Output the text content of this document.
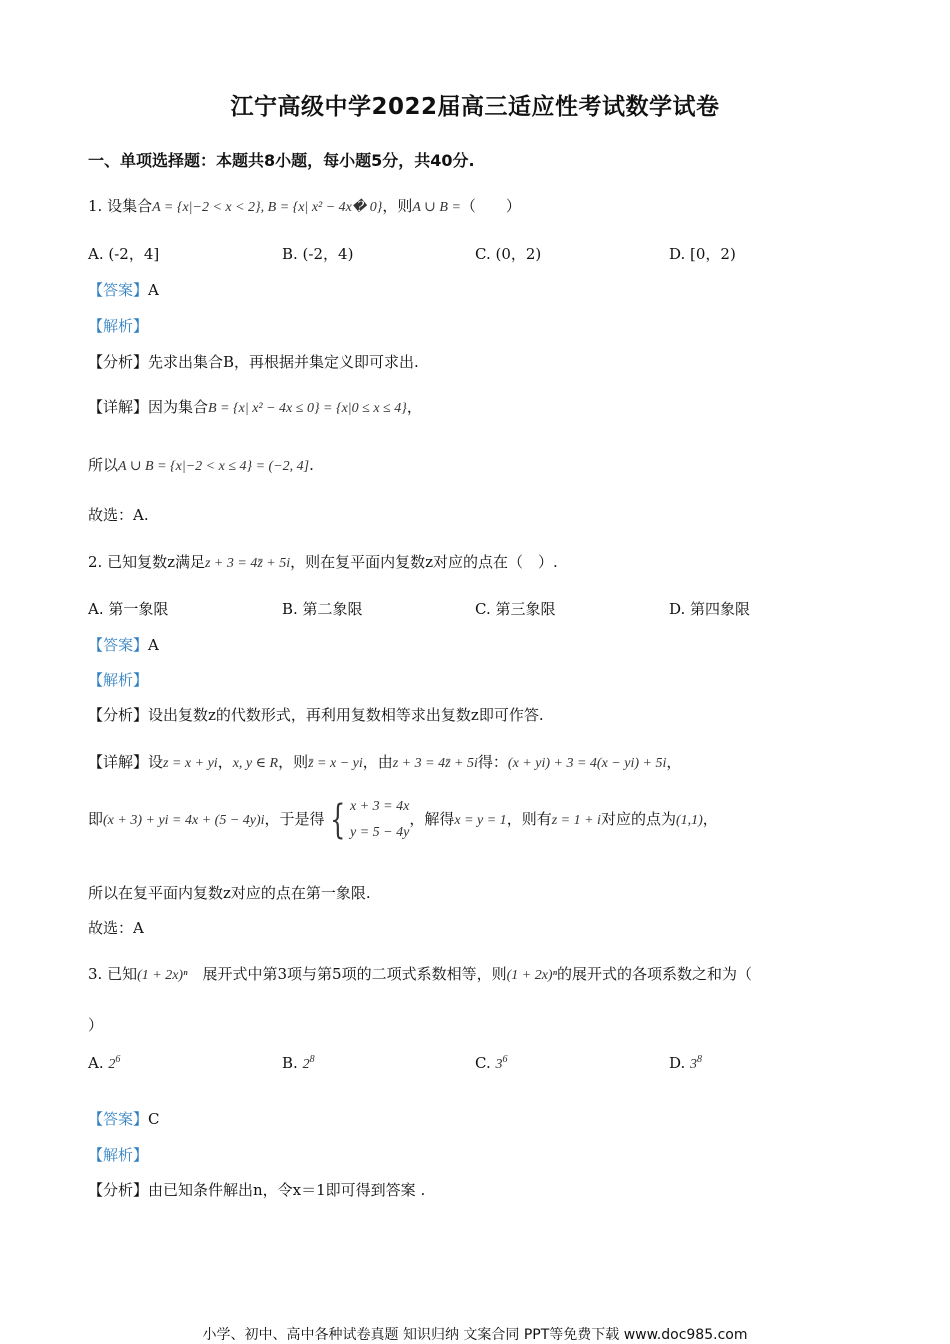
江宁高级中学2022届高三适应性考试数学试卷
一、单项选择题：本题共8小题，每小题5分，共40分.
1. 设集合A = {x|−2 < x < 2}, B = {x| x² − 4x� 0}，则A ∪ B =（　　）
A. (-2，4]	B. (-2，4)	C. (0，2)	D. [0，2)
【答案】A
【解析】
【分析】先求出集合B，再根据并集定义即可求出.
【详解】因为集合B = {x| x² − 4x ≤ 0} = {x|0 ≤ x ≤ 4}，
所以A ∪ B = {x|−2 < x ≤ 4} = (−2, 4].
故选：A.
2. 已知复数z满足z + 3 = 4z̄ + 5i，则在复平面内复数z对应的点在（　）.
A. 第一象限	B. 第二象限	C. 第三象限	D. 第四象限
【答案】A
【解析】
【分析】设出复数z的代数形式，再利用复数相等求出复数z即可作答.
【详解】设z = x + yi，x, y ∈ R，则z̄ = x − yi，由z + 3 = 4z̄ + 5i得：(x + yi) + 3 = 4(x − yi) + 5i，
即(x + 3) + yi = 4x + (5 − 4y)i，于是得 { x + 3 = 4x
y = 5 − 4y
，解得x = y = 1，则有z = 1 + i对应的点为(1,1)，
所以在复平面内复数z对应的点在第一象限.
故选：A
3. 已知(1 + 2x)ⁿ　展开式中第3项与第5项的二项式系数相等，则(1 + 2x)ⁿ的展开式的各项系数之和为（
）
A. $2^6$	B. $2^8$	C. $3^6$	D. $3^8$
【答案】C
【解析】
【分析】由已知条件解出n，令x＝1即可得到答案 .
小学、初中、高中各种试卷真题 知识归纳 文案合同 PPT等免费下载 www.doc985.com
